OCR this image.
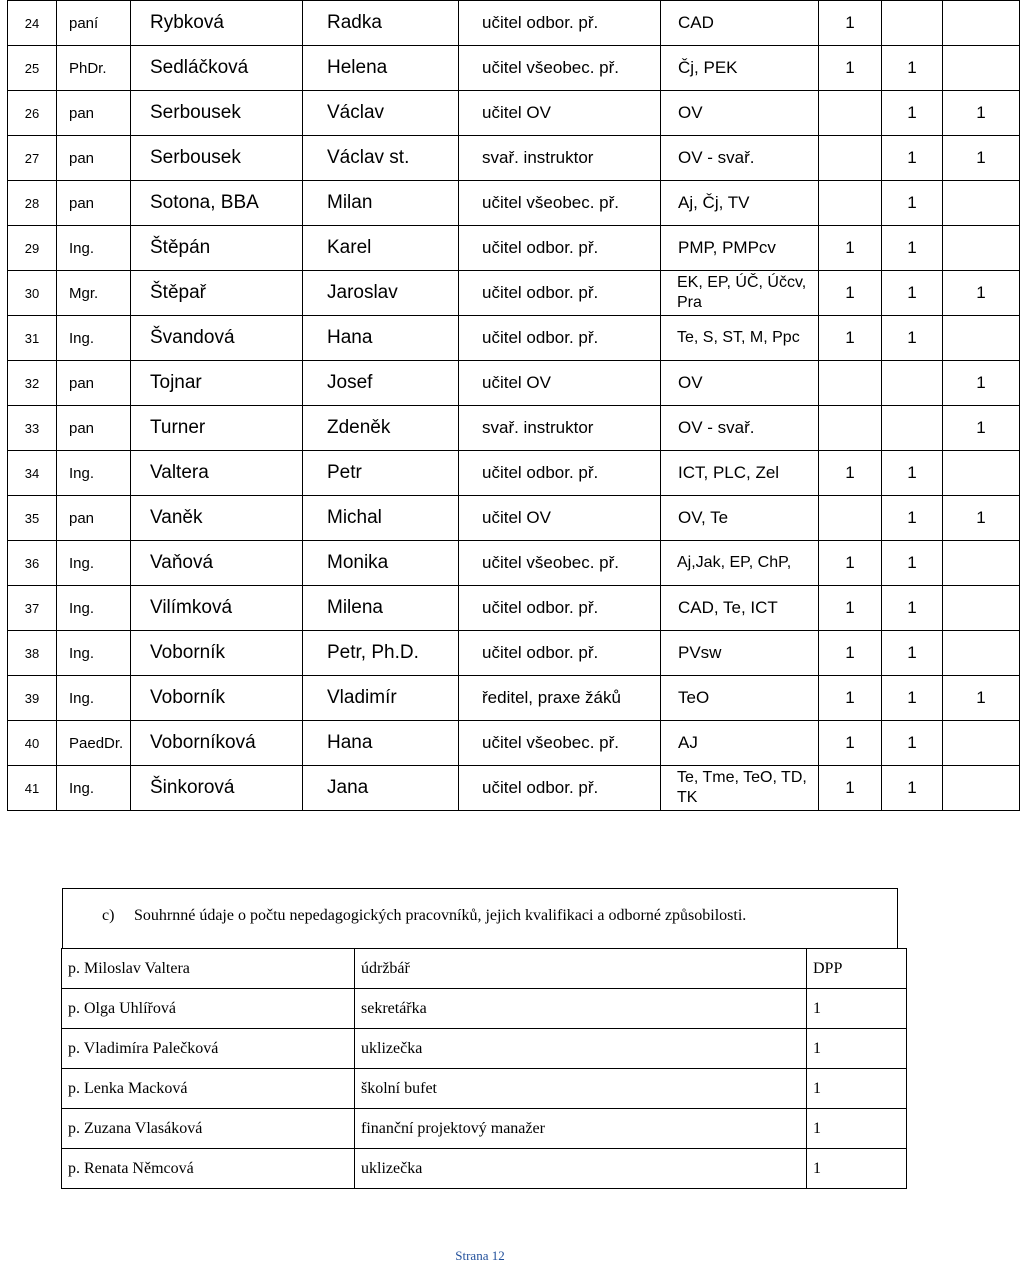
24	paní	Rybková	Radka	učitel odbor. př.	CAD	1		
25	PhDr.	Sedláčková	Helena	učitel všeobec. př.	Čj, PEK	1	1	
26	pan	Serbousek	Václav	učitel OV	OV		1	1
27	pan	Serbousek	Václav st.	svař. instruktor	OV - svař.		1	1
28	pan	Sotona, BBA	Milan	učitel všeobec. př.	Aj, Čj, TV		1	
29	Ing.	Štěpán	Karel	učitel odbor. př.	PMP, PMPcv	1	1	
30	Mgr.	Štěpař	Jaroslav	učitel odbor. př.	EK, EP, ÚČ, Účcv, Pra	1	1	1
31	Ing.	Švandová	Hana	učitel odbor. př.	Te, S, ST, M, Ppc	1	1	
32	pan	Tojnar	Josef	učitel OV	OV			1
33	pan	Turner	Zdeněk	svař. instruktor	OV - svař.			1
34	Ing.	Valtera	Petr	učitel odbor. př.	ICT, PLC, Zel	1	1	
35	pan	Vaněk	Michal	učitel OV	OV, Te		1	1
36	Ing.	Vaňová	Monika	učitel všeobec. př.	Aj,Jak, EP, ChP,	1	1	
37	Ing.	Vilímková	Milena	učitel odbor. př.	CAD, Te, ICT	1	1	
38	Ing.	Voborník	Petr, Ph.D.	učitel odbor. př.	PVsw	1	1	
39	Ing.	Voborník	Vladimír	ředitel, praxe žáků	TeO	1	1	1
40	PaedDr.	Voborníková	Hana	učitel všeobec. př.	AJ	1	1	
41	Ing.	Šinkorová	Jana	učitel odbor. př.	Te, Tme, TeO, TD, TK	1	1	
c) Souhrnné údaje o počtu nepedagogických pracovníků, jejich kvalifikaci a odborné způsobilosti.
p. Miloslav Valtera	údržbář	DPP
p. Olga Uhlířová	sekretářka	1
p. Vladimíra Palečková	uklizečka	1
p. Lenka Macková	školní bufet	1
p. Zuzana Vlasáková	finanční projektový manažer	1
p. Renata Němcová	uklizečka	1
Strana 12
